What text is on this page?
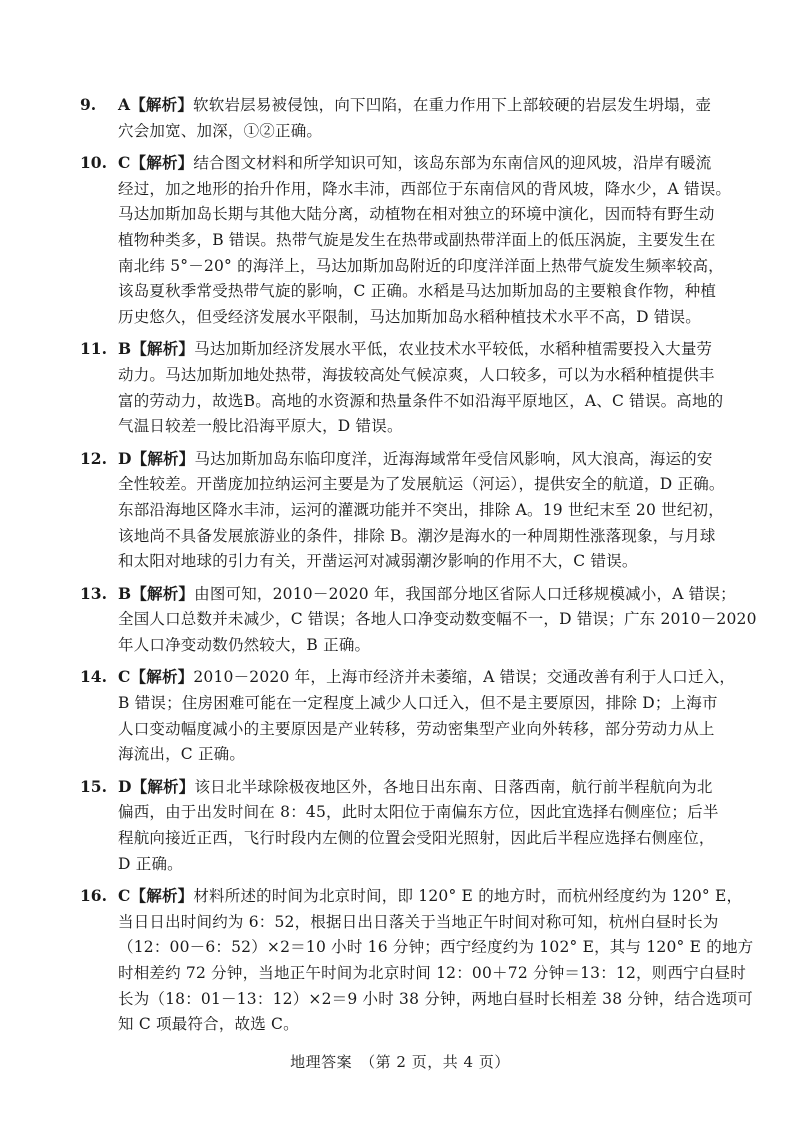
9. A【解析】软软岩层易被侵蚀，向下凹陷，在重力作用下上部较硬的岩层发生坍塌，壶
穴会加宽、加深，①②正确。
10. C【解析】结合图文材料和所学知识可知，该岛东部为东南信风的迎风坡，沿岸有暖流
经过，加之地形的抬升作用，降水丰沛，西部位于东南信风的背风坡，降水少，A 错误。
马达加斯加岛长期与其他大陆分离，动植物在相对独立的环境中演化，因而特有野生动
植物种类多，B 错误。热带气旋是发生在热带或副热带洋面上的低压涡旋，主要发生在
南北纬 5°－20° 的海洋上，马达加斯加岛附近的印度洋洋面上热带气旋发生频率较高，
该岛夏秋季常受热带气旋的影响，C 正确。水稻是马达加斯加岛的主要粮食作物，种植
历史悠久，但受经济发展水平限制，马达加斯加岛水稻种植技术水平不高，D 错误。
11. B【解析】马达加斯加经济发展水平低，农业技术水平较低，水稻种植需要投入大量劳
动力。马达加斯加地处热带，海拔较高处气候凉爽，人口较多，可以为水稻种植提供丰
富的劳动力，故选B。高地的水资源和热量条件不如沿海平原地区，A、C 错误。高地的
气温日较差一般比沿海平原大，D 错误。
12. D【解析】马达加斯加岛东临印度洋，近海海域常年受信风影响，风大浪高，海运的安
全性较差。开凿庞加拉纳运河主要是为了发展航运（河运），提供安全的航道，D 正确。
东部沿海地区降水丰沛，运河的灌溉功能并不突出，排除 A。19 世纪末至 20 世纪初，
该地尚不具备发展旅游业的条件，排除 B。潮汐是海水的一种周期性涨落现象，与月球
和太阳对地球的引力有关，开凿运河对减弱潮汐影响的作用不大，C 错误。
13. B【解析】由图可知，2010－2020 年，我国部分地区省际人口迁移规模减小，A 错误；
全国人口总数并未减少，C 错误；各地人口净变动数变幅不一，D 错误；广东 2010－2020
年人口净变动数仍然较大，B 正确。
14. C【解析】2010－2020 年，上海市经济并未萎缩，A 错误；交通改善有利于人口迁入，
B 错误；住房困难可能在一定程度上减少人口迁入，但不是主要原因，排除 D；上海市
人口变动幅度减小的主要原因是产业转移，劳动密集型产业向外转移，部分劳动力从上
海流出，C 正确。
15. D【解析】该日北半球除极夜地区外，各地日出东南、日落西南，航行前半程航向为北
偏西，由于出发时间在 8：45，此时太阳位于南偏东方位，因此宜选择右侧座位；后半
程航向接近正西，飞行时段内左侧的位置会受阳光照射，因此后半程应选择右侧座位，
D 正确。
16. C【解析】材料所述的时间为北京时间，即 120° E 的地方时，而杭州经度约为 120° E，
当日日出时间约为 6：52，根据日出日落关于当地正午时间对称可知，杭州白昼时长为
（12：00－6：52）×2＝10 小时 16 分钟；西宁经度约为 102° E，其与 120° E 的地方
时相差约 72 分钟，当地正午时间为北京时间 12：00＋72 分钟＝13：12，则西宁白昼时
长为（18：01－13：12）×2＝9 小时 38 分钟，两地白昼时长相差 38 分钟，结合选项可
知 C 项最符合，故选 C。
地理答案　（第 2 页，共 4 页）
